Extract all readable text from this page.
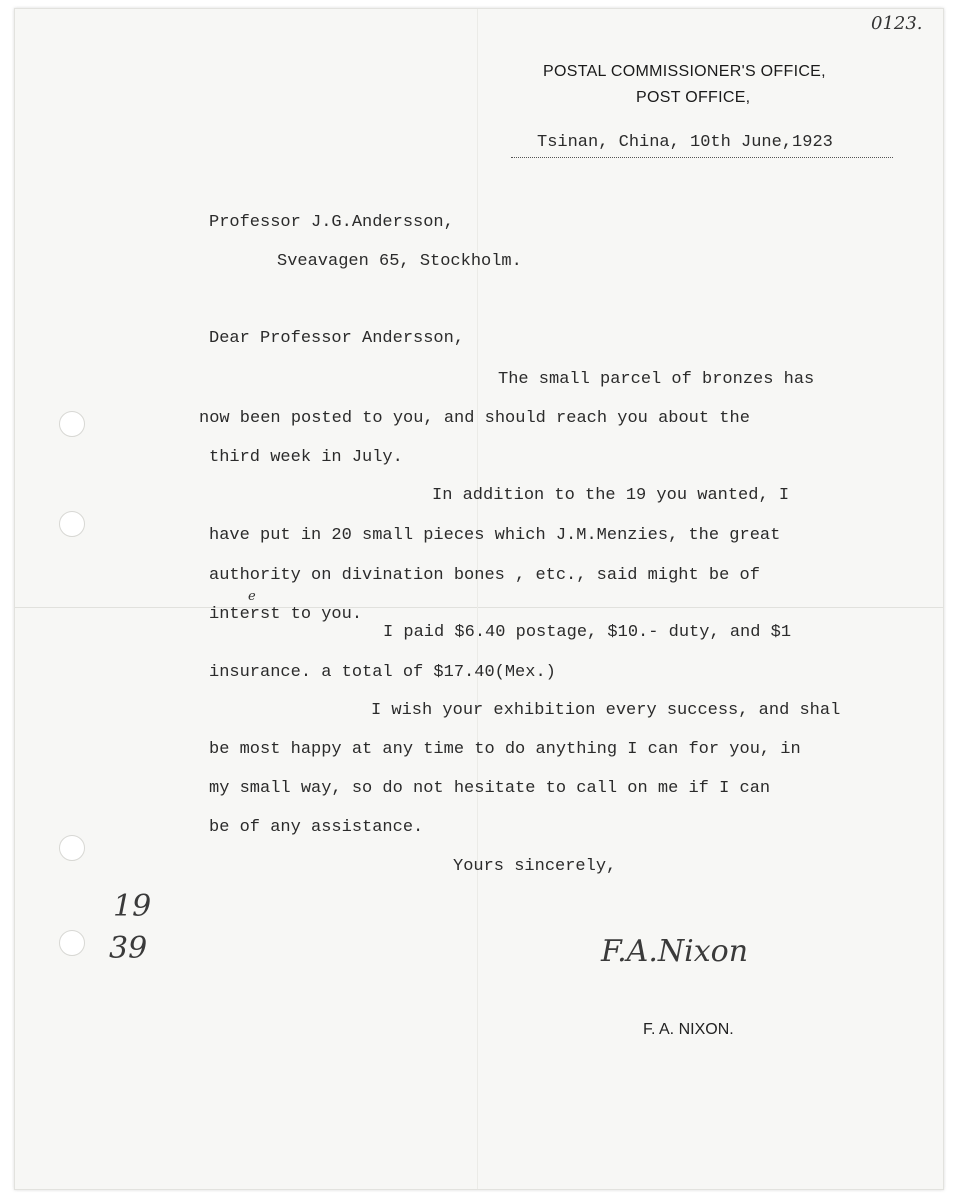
0123.
POSTAL COMMISSIONER'S OFFICE,
POST OFFICE,
Tsinan, China, 10th June,1923
Professor J.G.Andersson,
Sveavagen 65, Stockholm.
Dear Professor Andersson,
The small parcel of bronzes has
now been posted to you, and should reach you about the
third week in July.
In addition to the 19 you wanted, I
have put in 20 small pieces which J.M.Menzies, the great
authority on divination bones , etc., said might be of
e
interst to you.
I paid $6.40 postage, $10.- duty, and $1
insurance. a total of $17.40(Mex.)
I wish your exhibition every success, and shal
be most happy at any time to do anything I can for you, in
my small way, so do not hesitate to call on me if I can
be of any assistance.
Yours sincerely,
F.A.Nixon
F. A. NIXON.
19
39
